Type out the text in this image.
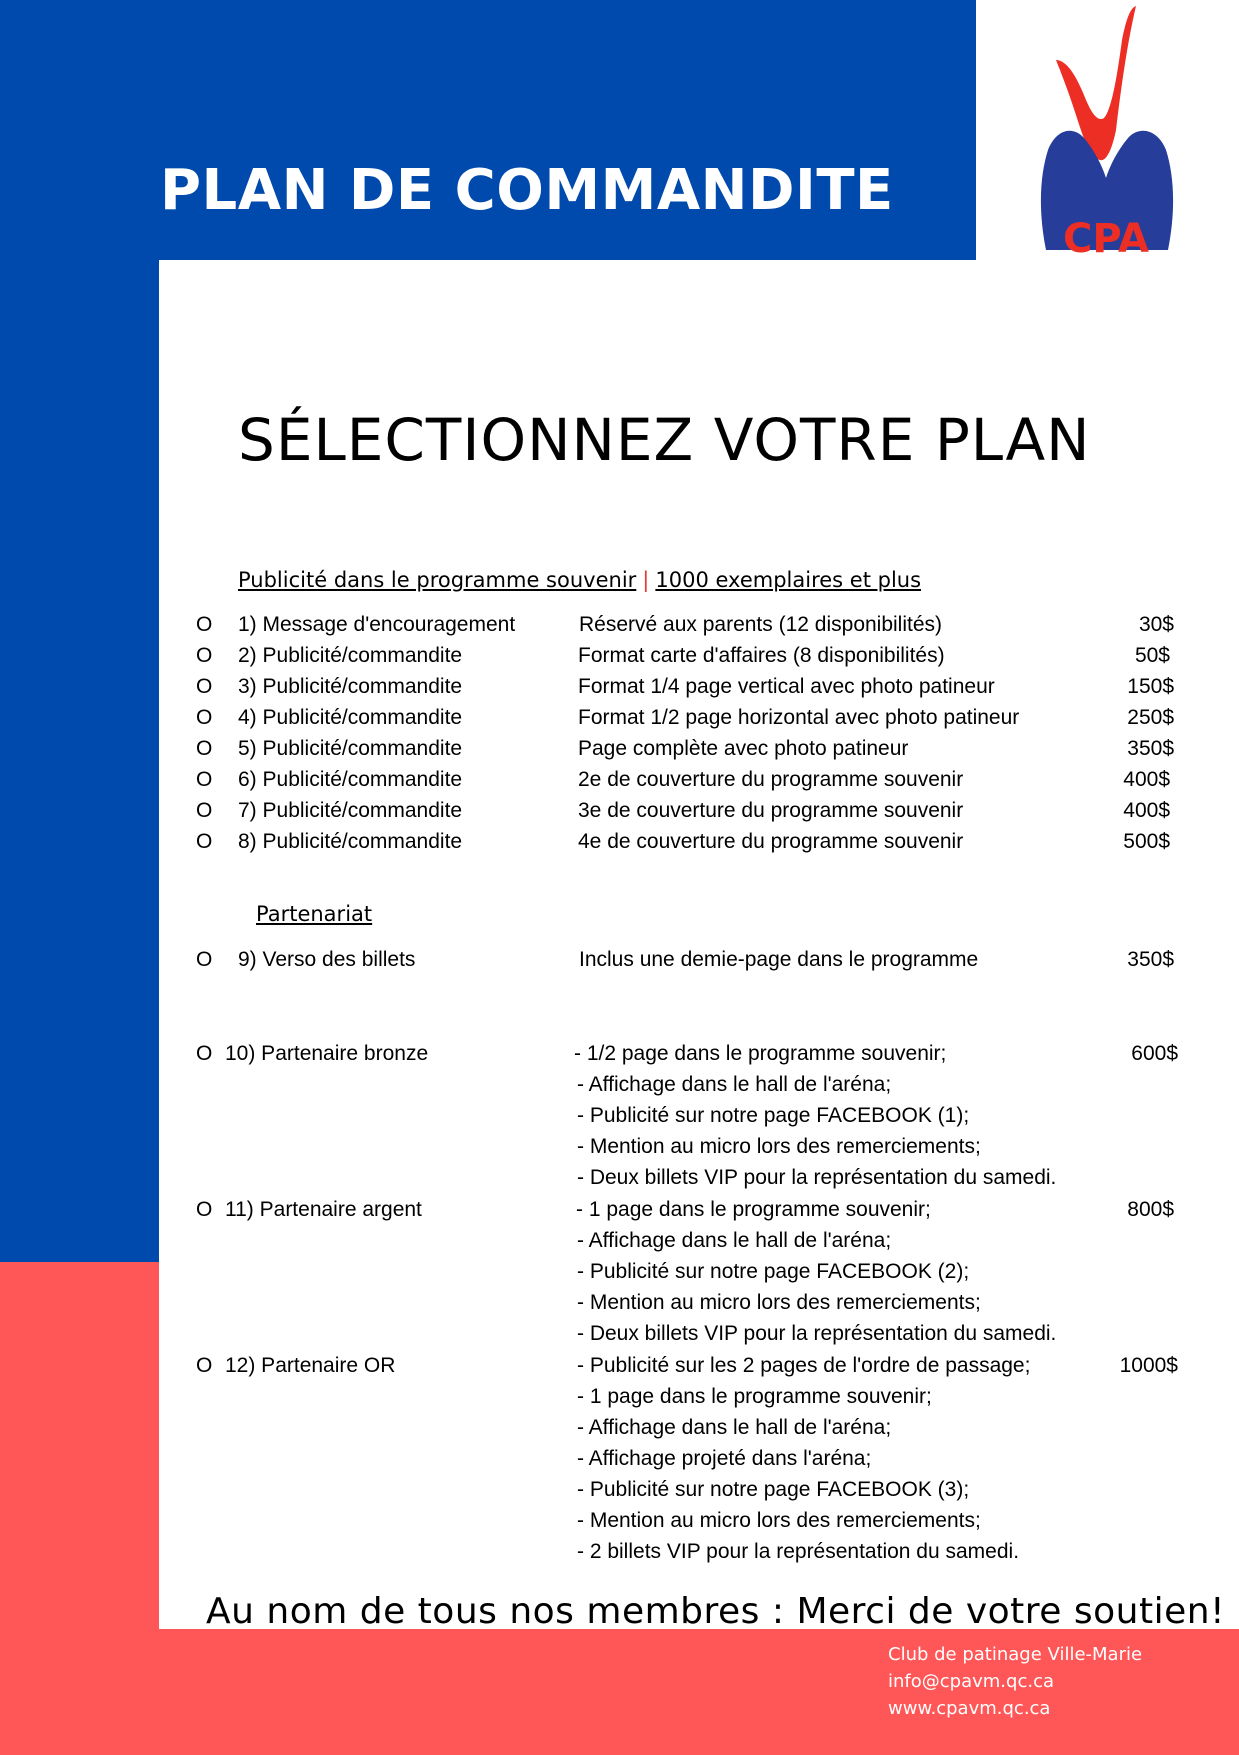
PLAN DE COMMANDITE
CPA
SÉLECTIONNEZ VOTRE PLAN
Publicité dans le programme souvenir | 1000 exemplaires et plus
O 1) Message d'encouragement	Réservé aux parents (12 disponibilités)	30$
O 2) Publicité/commandite	Format carte d'affaires (8 disponibilités)	50$
O 3) Publicité/commandite	Format 1/4 page vertical avec photo patineur	150$
O 4) Publicité/commandite	Format 1/2 page horizontal avec photo patineur	250$
O 5) Publicité/commandite	Page complète avec photo patineur	350$
O 6) Publicité/commandite	2e de couverture du programme souvenir	400$
O 7) Publicité/commandite	3e de couverture du programme souvenir	400$
O 8) Publicité/commandite	4e de couverture du programme souvenir	500$
Partenariat
O 9) Verso des billets	Inclus une demie-page dans le programme	350$
O 10) Partenaire bronze	- 1/2 page dans le programme souvenir;
- Affichage dans le hall de l'aréna;
- Publicité sur notre page FACEBOOK (1);
- Mention au micro lors des remerciements;
- Deux billets VIP pour la représentation du samedi.
600$
O 11) Partenaire argent	- 1 page dans le programme souvenir;
- Affichage dans le hall de l'aréna;
- Publicité sur notre page FACEBOOK (2);
- Mention au micro lors des remerciements;
- Deux billets VIP pour la représentation du samedi.
800$
O 12) Partenaire OR	- Publicité sur les 2 pages de l'ordre de passage;
- 1 page dans le programme souvenir;
- Affichage dans le hall de l'aréna;
- Affichage projeté dans l'aréna;
- Publicité sur notre page FACEBOOK (3);
- Mention au micro lors des remerciements;
- 2 billets VIP pour la représentation du samedi.
1000$

Au nom de tous nos membres : Merci de votre soutien!

Club de patinage Ville-Marie
info@cpavm.qc.ca
www.cpavm.qc.ca
